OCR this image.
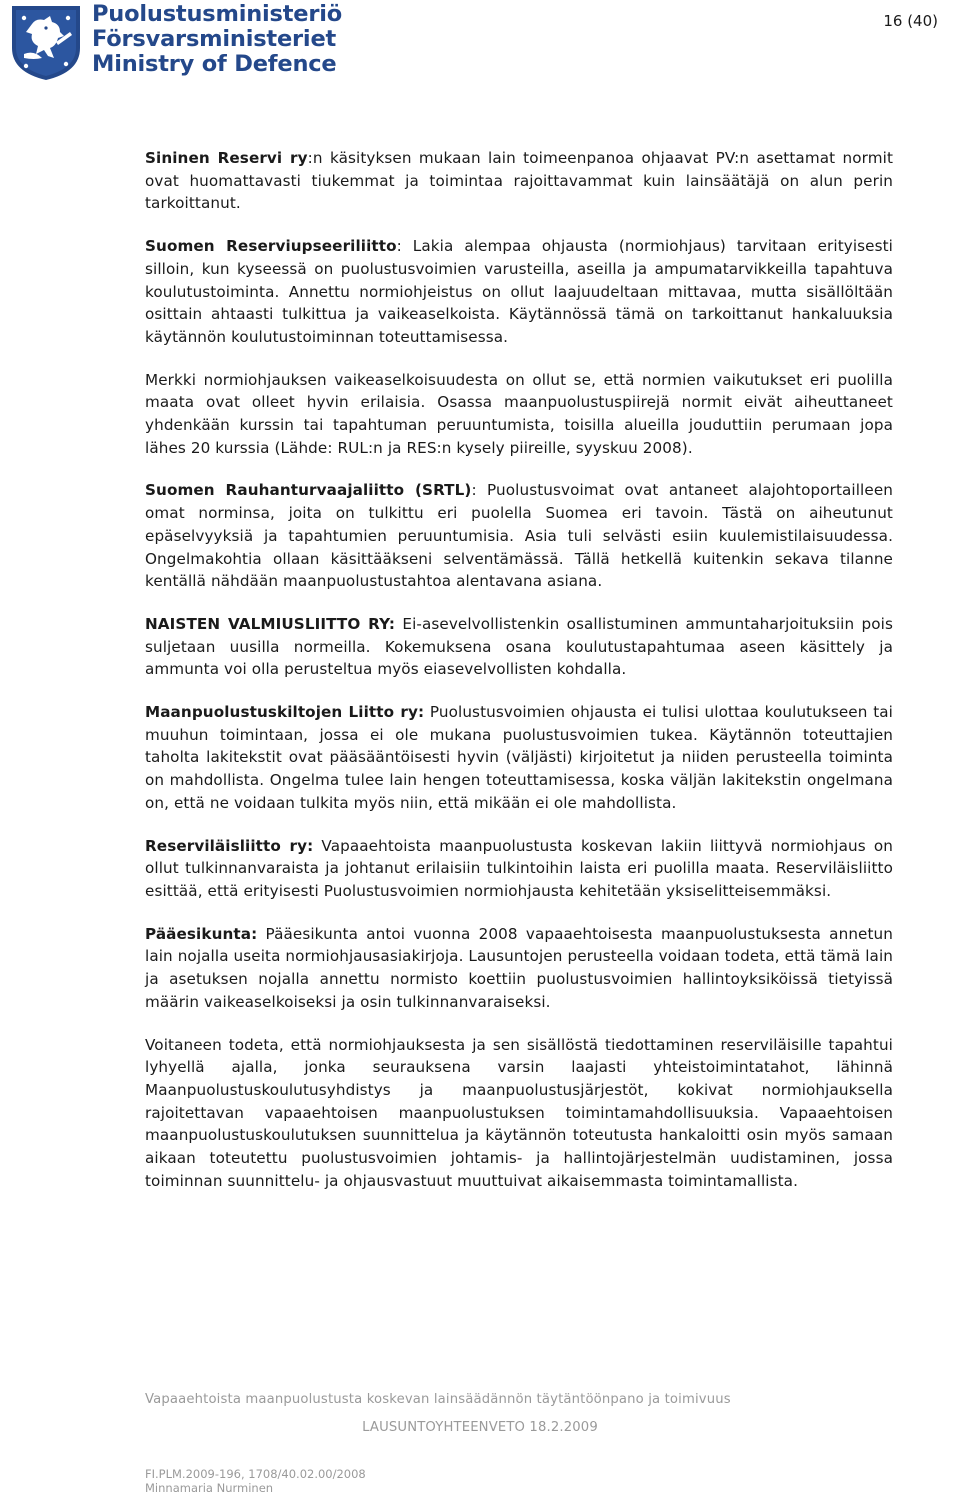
Puolustusministeriö
Försvarsministeriet
Ministry of Defence
16 (40)

Sininen Reservi ry:n käsityksen mukaan lain toimeenpanoa ohjaavat PV:n asettamat normit ovat huomattavasti tiukemmat ja toimintaa rajoittavammat kuin lainsäätäjä on alun perin tarkoittanut.

Suomen Reserviupseeriliitto: Lakia alempaa ohjausta (normiohjaus) tarvitaan erityisesti silloin, kun kyseessä on puolustusvoimien varusteilla, aseilla ja ampumatarvikkeilla tapahtuva koulutustoiminta. Annettu normiohjeistus on ollut laajuudeltaan mittavaa, mutta sisällöltään osittain ahtaasti tulkittua ja vaikeaselkoista. Käytännössä tämä on tarkoittanut hankaluuksia käytännön koulutustoiminnan toteuttamisessa.

Merkki normiohjauksen vaikeaselkoisuudesta on ollut se, että normien vaikutukset eri puolilla maata ovat olleet hyvin erilaisia. Osassa maanpuolustuspiirejä normit eivät aiheuttaneet yhdenkään kurssin tai tapahtuman peruuntumista, toisilla alueilla jouduttiin perumaan jopa lähes 20 kurssia (Lähde: RUL:n ja RES:n kysely piireille, syyskuu 2008).

Suomen Rauhanturvaajaliitto (SRTL): Puolustusvoimat ovat antaneet alajohtoportailleen omat norminsa, joita on tulkittu eri puolella Suomea eri tavoin. Tästä on aiheutunut epäselvyyksiä ja tapahtumien peruuntumisia. Asia tuli selvästi esiin kuulemistilaisuudessa. Ongelmakohtia ollaan käsittääkseni selventämässä. Tällä hetkellä kuitenkin sekava tilanne kentällä nähdään maanpuolustustahtoa alentavana asiana.

NAISTEN VALMIUSLIITTO RY: Ei-asevelvollistenkin osallistuminen ammuntaharjoituksiin pois suljetaan uusilla normeilla. Kokemuksena osana koulutustapahtumaa aseen käsittely ja ammunta voi olla perusteltua myös eiasevelvollisten kohdalla.

Maanpuolustuskiltojen Liitto ry: Puolustusvoimien ohjausta ei tulisi ulottaa koulutukseen tai muuhun toimintaan, jossa ei ole mukana puolustusvoimien tukea. Käytännön toteuttajien taholta lakitekstit ovat pääsääntöisesti hyvin (väljästi) kirjoitetut ja niiden perusteella toiminta on mahdollista. Ongelma tulee lain hengen toteuttamisessa, koska väljän lakitekstin ongelmana on, että ne voidaan tulkita myös niin, että mikään ei ole mahdollista.

Reserviläisliitto ry: Vapaaehtoista maanpuolustusta koskevan lakiin liittyvä normiohjaus on ollut tulkinnanvaraista ja johtanut erilaisiin tulkintoihin laista eri puolilla maata. Reserviläisliitto esittää, että erityisesti Puolustusvoimien normiohjausta kehitetään yksiselitteisemmäksi.

Pääesikunta: Pääesikunta antoi vuonna 2008 vapaaehtoisesta maanpuolustuksesta annetun lain nojalla useita normiohjausasiakirjoja. Lausuntojen perusteella voidaan todeta, että tämä lain ja asetuksen nojalla annettu normisto koettiin puolustusvoimien hallintoyksiköissä tietyissä määrin vaikeaselkoiseksi ja osin tulkinnanvaraiseksi.

Voitaneen todeta, että normiohjauksesta ja sen sisällöstä tiedottaminen reserviläisille tapahtui lyhyellä ajalla, jonka seurauksena varsin laajasti yhteistoimintatahot, lähinnä Maanpuolustuskoulutusyhdistys ja maanpuolustusjärjestöt, kokivat normiohjauksella rajoitettavan vapaaehtoisen maanpuolustuksen toimintamahdollisuuksia. Vapaaehtoisen maanpuolustuskoulutuksen suunnittelua ja käytännön toteutusta hankaloitti osin myös samaan aikaan toteutettu puolustusvoimien johtamis- ja hallintojärjestelmän uudistaminen, jossa toiminnan suunnittelu- ja ohjausvastuut muuttuivat aikaisemmasta toimintamallista.

Vapaaehtoista maanpuolustusta koskevan lainsäädännön täytäntöönpano ja toimivuus
LAUSUNTOYHTEENVETO 18.2.2009
FI.PLM.2009-196, 1708/40.02.00/2008
Minnamaria Nurminen
